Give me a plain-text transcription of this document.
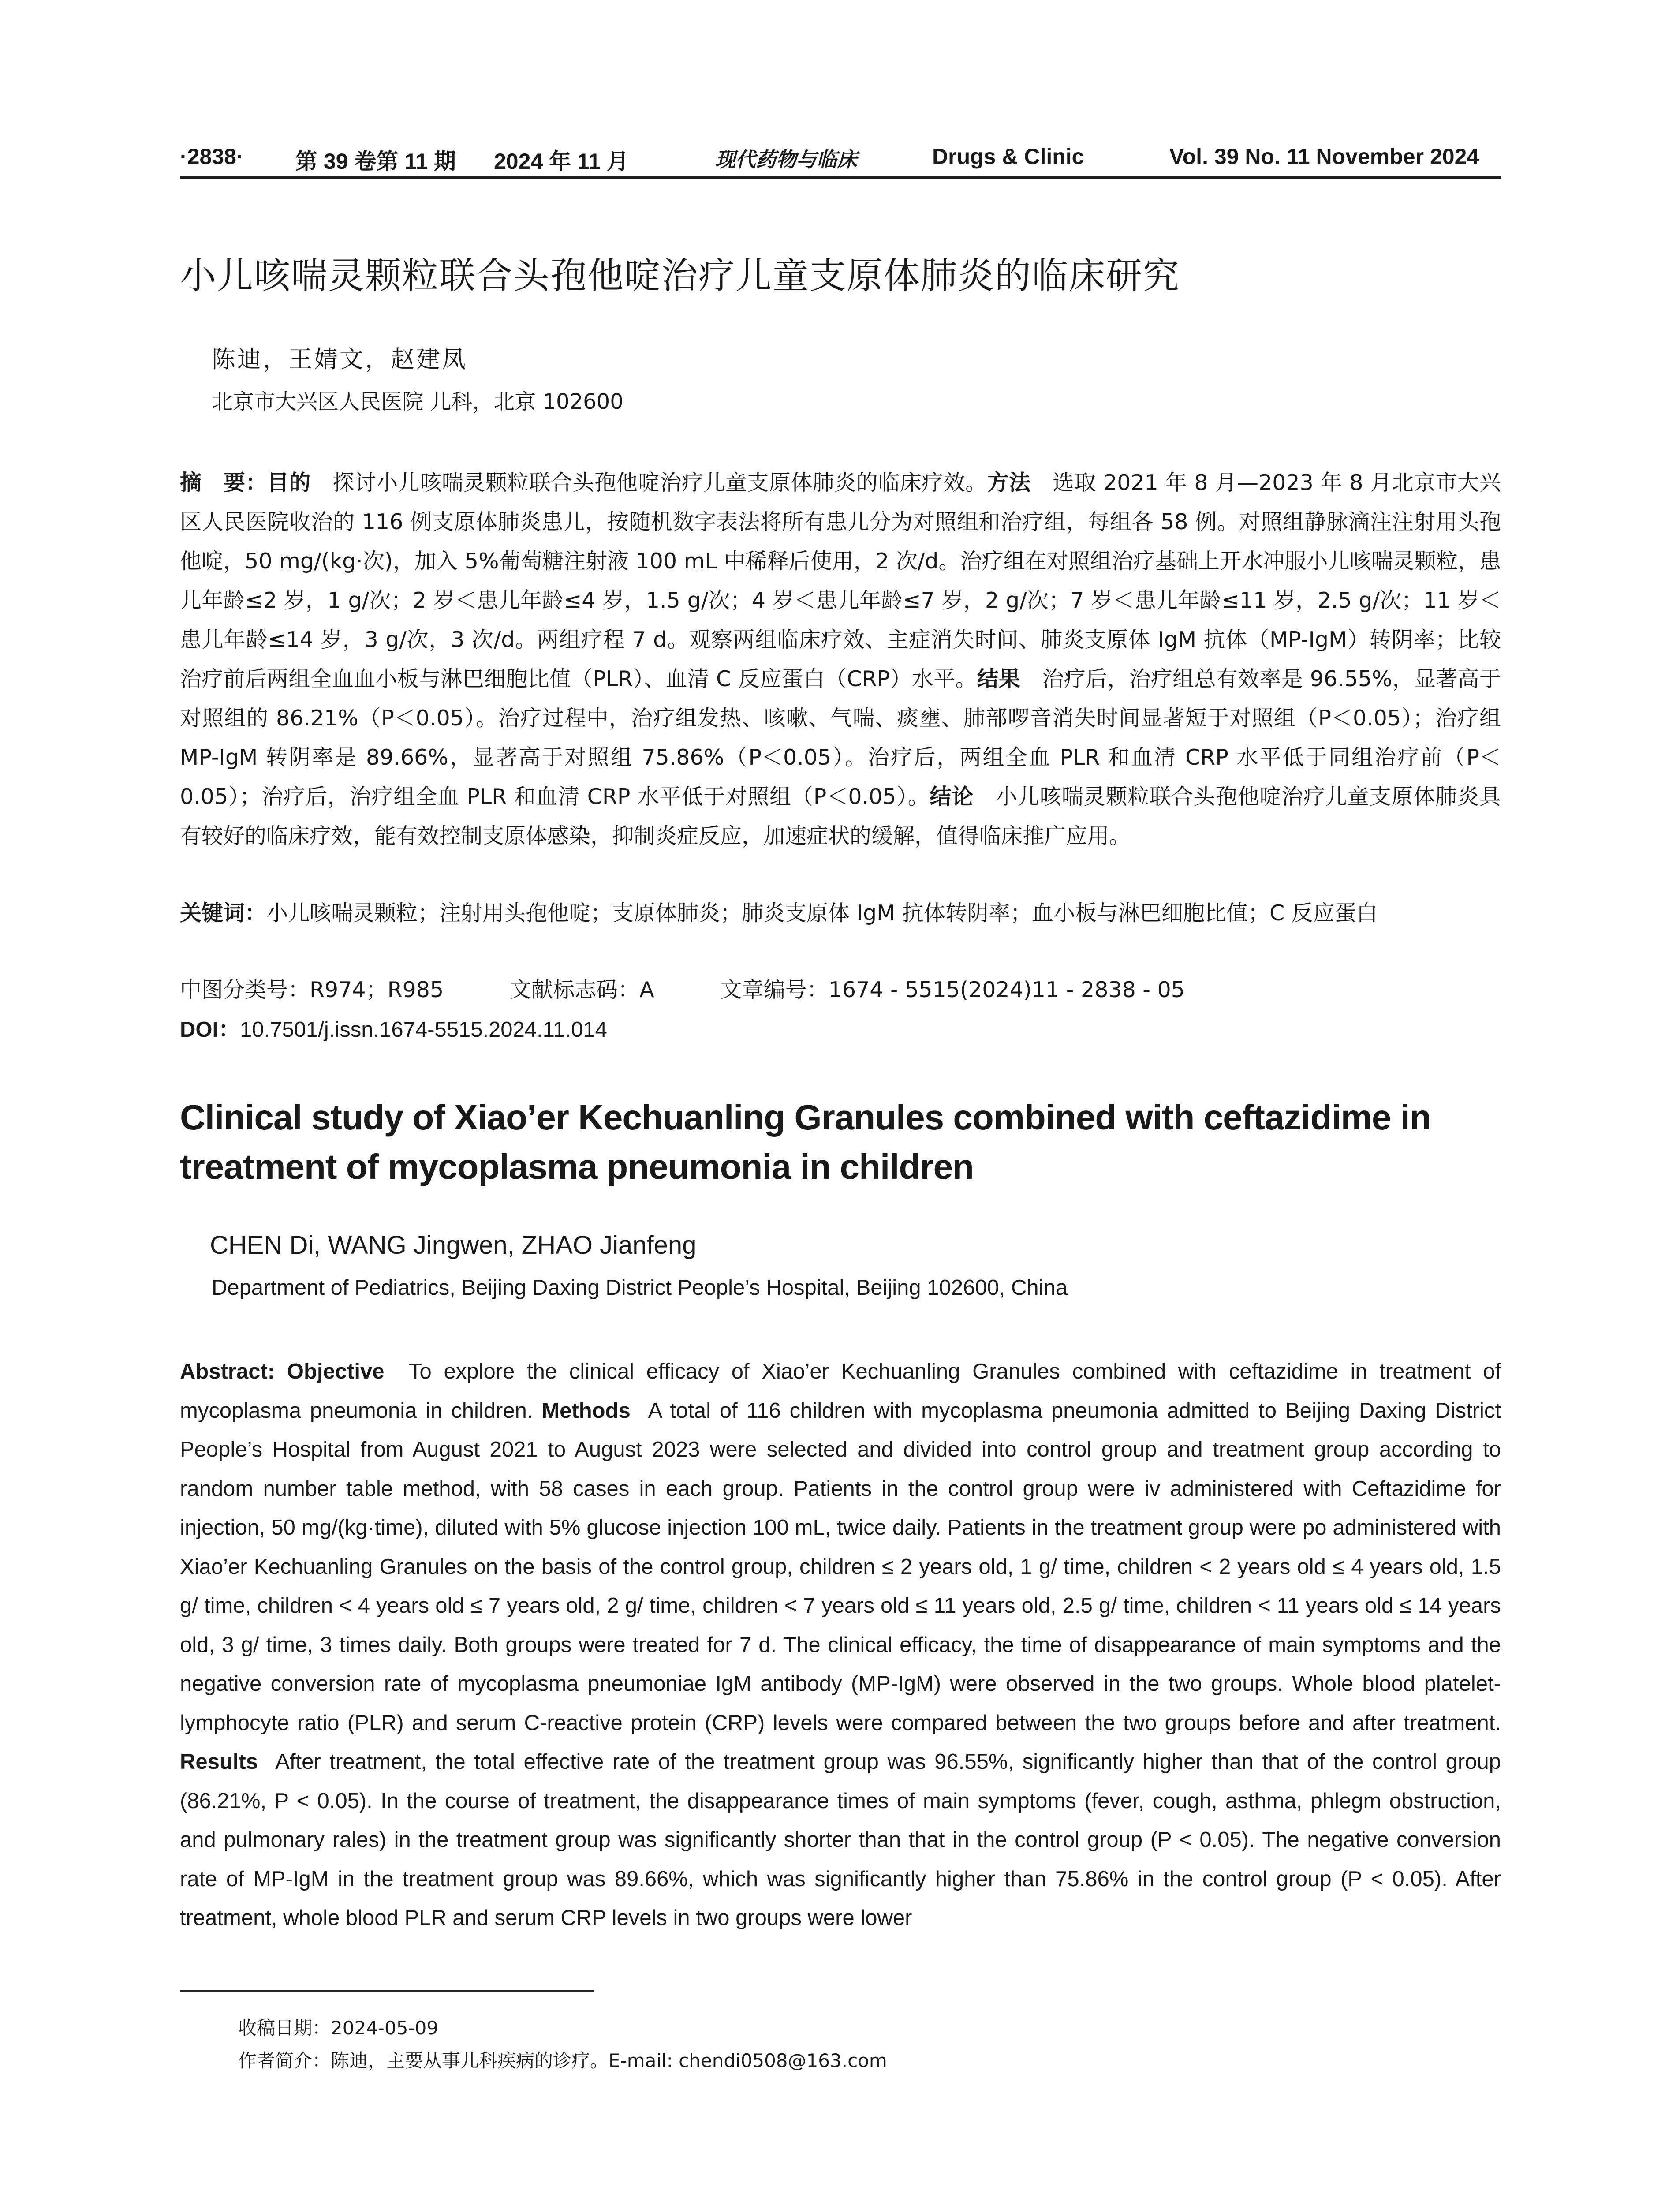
·2838· 第 39 卷第 11 期 2024 年 11 月	现代药物与临床	Drugs & Clinic	Vol. 39 No. 11 November 2024
小儿咳喘灵颗粒联合头孢他啶治疗儿童支原体肺炎的临床研究
陈迪，王婧文，赵建凤
北京市大兴区人民医院 儿科，北京 102600
摘　要：目的　 探讨小儿咳喘灵颗粒联合头孢他啶治疗儿童支原体肺炎的临床疗效。方法　 选取 2021 年 8 月—2023 年 8 月北京市大兴区人民医院收治的 116 例支原体肺炎患儿，按随机数字表法将所有患儿分为对照组和治疗组，每组各 58 例。对照组静脉滴注注射用头孢他啶，50 mg/(kg·次)，加入 5%葡萄糖注射液 100 mL 中稀释后使用，2 次/d。治疗组在对照组治疗基础上开水冲服小儿咳喘灵颗粒，患儿年龄≤2 岁，1 g/次；2 岁＜患儿年龄≤4 岁，1.5 g/次；4 岁＜患儿年龄≤7 岁，2 g/次；7 岁＜患儿年龄≤11 岁，2.5 g/次；11 岁＜患儿年龄≤14 岁，3 g/次，3 次/d。两组疗程 7 d。观察两组临床疗效、主症消失时间、肺炎支原体 IgM 抗体（MP-IgM）转阴率；比较治疗前后两组全血血小板与淋巴细胞比值（PLR）、血清 C 反应蛋白（CRP）水平。结果　 治疗后，治疗组总有效率是 96.55%，显著高于对照组的 86.21%（P＜0.05）。治疗过程中，治疗组发热、咳嗽、气喘、痰壅、肺部啰音消失时间显著短于对照组（P＜0.05）；治疗组 MP-IgM 转阴率是 89.66%，显著高于对照组 75.86%（P＜0.05）。治疗后，两组全血 PLR 和血清 CRP 水平低于同组治疗前（P＜0.05）；治疗后，治疗组全血 PLR 和血清 CRP 水平低于对照组（P＜0.05）。结论　 小儿咳喘灵颗粒联合头孢他啶治疗儿童支原体肺炎具有较好的临床疗效，能有效控制支原体感染，抑制炎症反应，加速症状的缓解，值得临床推广应用。
关键词：小儿咳喘灵颗粒；注射用头孢他啶；支原体肺炎；肺炎支原体 IgM 抗体转阴率；血小板与淋巴细胞比值；C 反应蛋白
中图分类号：R974；R985	文献标志码：A	文章编号：1674 - 5515(2024)11 - 2838 - 05
DOI：10.7501/j.issn.1674-5515.2024.11.014
Clinical study of Xiao’er Kechuanling Granules combined with ceftazidime in treatment of mycoplasma pneumonia in children
CHEN Di, WANG Jingwen, ZHAO Jianfeng
Department of Pediatrics, Beijing Daxing District People’s Hospital, Beijing 102600, China
Abstract: Objective To explore the clinical efficacy of Xiao’er Kechuanling Granules combined with ceftazidime in treatment of mycoplasma pneumonia in children. Methods A total of 116 children with mycoplasma pneumonia admitted to Beijing Daxing District People’s Hospital from August 2021 to August 2023 were selected and divided into control group and treatment group according to random number table method, with 58 cases in each group. Patients in the control group were iv administered with Ceftazidime for injection, 50 mg/(kg·time), diluted with 5% glucose injection 100 mL, twice daily. Patients in the treatment group were po administered with Xiao’er Kechuanling Granules on the basis of the control group, children ≤ 2 years old, 1 g/ time, children < 2 years old ≤ 4 years old, 1.5 g/ time, children < 4 years old ≤ 7 years old, 2 g/ time, children < 7 years old ≤ 11 years old, 2.5 g/ time, children < 11 years old ≤ 14 years old, 3 g/ time, 3 times daily. Both groups were treated for 7 d. The clinical efficacy, the time of disappearance of main symptoms and the negative conversion rate of mycoplasma pneumoniae IgM antibody (MP-IgM) were observed in the two groups. Whole blood platelet-lymphocyte ratio (PLR) and serum C-reactive protein (CRP) levels were compared between the two groups before and after treatment. Results After treatment, the total effective rate of the treatment group was 96.55%, significantly higher than that of the control group (86.21%, P < 0.05). In the course of treatment, the disappearance times of main symptoms (fever, cough, asthma, phlegm obstruction, and pulmonary rales) in the treatment group was significantly shorter than that in the control group (P < 0.05). The negative conversion rate of MP-IgM in the treatment group was 89.66%, which was significantly higher than 75.86% in the control group (P < 0.05). After treatment, whole blood PLR and serum CRP levels in two groups were lower
收稿日期：2024-05-09
作者简介：陈迪，主要从事儿科疾病的诊疗。E-mail: chendi0508@163.com
